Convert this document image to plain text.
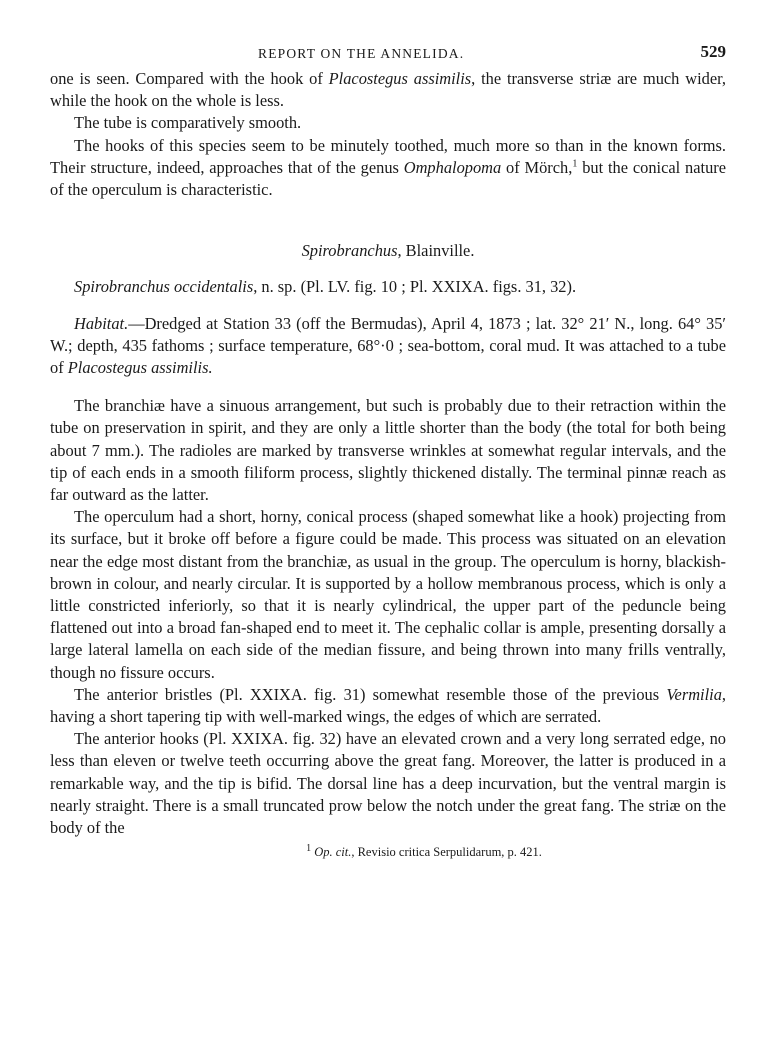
REPORT ON THE ANNELIDA.	529

one is seen. Compared with the hook of Placostegus assimilis, the transverse striæ are much wider, while the hook on the whole is less.

The tube is comparatively smooth.

The hooks of this species seem to be minutely toothed, much more so than in the known forms. Their structure, indeed, approaches that of the genus Omphalopoma of Mörch,$^1$ but the conical nature of the operculum is characteristic.

Spirobranchus, Blainville.

Spirobranchus occidentalis, n. sp. (Pl. LV. fig. 10 ; Pl. XXIXA. figs. 31, 32).

Habitat.—Dredged at Station 33 (off the Bermudas), April 4, 1873 ; lat. 32° 21′ N., long. 64° 35′ W.; depth, 435 fathoms ; surface temperature, 68°·0 ; sea-bottom, coral mud. It was attached to a tube of Placostegus assimilis.

The branchiæ have a sinuous arrangement, but such is probably due to their retraction within the tube on preservation in spirit, and they are only a little shorter than the body (the total for both being about 7 mm.). The radioles are marked by transverse wrinkles at somewhat regular intervals, and the tip of each ends in a smooth filiform process, slightly thickened distally. The terminal pinnæ reach as far outward as the latter.

The operculum had a short, horny, conical process (shaped somewhat like a hook) projecting from its surface, but it broke off before a figure could be made. This process was situated on an elevation near the edge most distant from the branchiæ, as usual in the group. The operculum is horny, blackish-brown in colour, and nearly circular. It is supported by a hollow membranous process, which is only a little constricted inferiorly, so that it is nearly cylindrical, the upper part of the peduncle being flattened out into a broad fan-shaped end to meet it. The cephalic collar is ample, presenting dorsally a large lateral lamella on each side of the median fissure, and being thrown into many frills ventrally, though no fissure occurs.

The anterior bristles (Pl. XXIXA. fig. 31) somewhat resemble those of the previous Vermilia, having a short tapering tip with well-marked wings, the edges of which are serrated.

The anterior hooks (Pl. XXIXA. fig. 32) have an elevated crown and a very long serrated edge, no less than eleven or twelve teeth occurring above the great fang. Moreover, the latter is produced in a remarkable way, and the tip is bifid. The dorsal line has a deep incurvation, but the ventral margin is nearly straight. There is a small truncated prow below the notch under the great fang. The striæ on the body of the

$^1$ Op. cit., Revisio critica Serpulidarum, p. 421.
